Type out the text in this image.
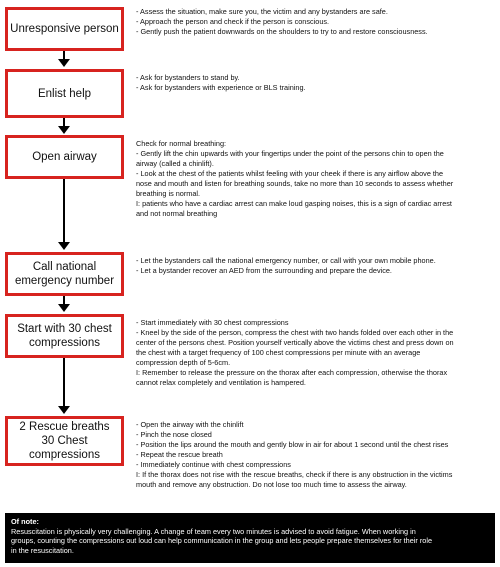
Unresponsive person
Enlist help
Open airway
Call national
emergency number
Start with 30 chest
compressions
2 Rescue breaths
30 Chest compressions
- Assess the situation, make sure you, the victim and any bystanders are safe.
- Approach the person and check if the person is conscious.
- Gently push the patient downwards on the shoulders to try to and restore consciousness.
- Ask for bystanders to stand by.
- Ask for bystanders with experience or BLS training.
Check for normal breathing:
- Gently lift the chin upwards with your fingertips under the point of the persons chin to open the
airway (called a chinlift).
- Look at the chest of the patients whilst feeling with your cheek if there is any airflow above the
nose and mouth and listen for breathing sounds, take no more than 10 seconds to assess whether
breathing is normal.
I: patients who have a cardiac arrest can make loud gasping noises, this is a sign of cardiac arrest
and not normal breathing
- Let the bystanders call the national emergency number, or call with your own mobile phone.
- Let a bystander recover an AED from the surrounding and prepare the device.
- Start immediately with 30 chest compressions
- Kneel by the side of the person, compress the chest with two hands folded over each other in the
center of the persons chest. Position yourself vertically above the victims chest and press down on
the chest with a target frequency of 100 chest compressions per minute with an average
compression depth of 5-6cm.
I: Remember to release the pressure on the thorax after each compression, otherwise the thorax
cannot relax completely and ventilation is hampered.
- Open the airway with the chinlift
- Pinch the nose closed
- Position the lips around the mouth and gently blow in air for about 1 second until the chest rises
- Repeat the rescue breath
- Immediately continue with chest compressions
I: If the thorax does not rise with the rescue breaths, check if there is any obstruction in the victims
mouth and remove any obstruction. Do not lose too much time to assess the airway.
Of note:
Resuscitation is physically very challenging. A change of team every two minutes is advised to avoid fatigue. When working in
groups, counting the compressions out loud can help communication in the group and lets people prepare themselves for their role
in the resuscitation.
